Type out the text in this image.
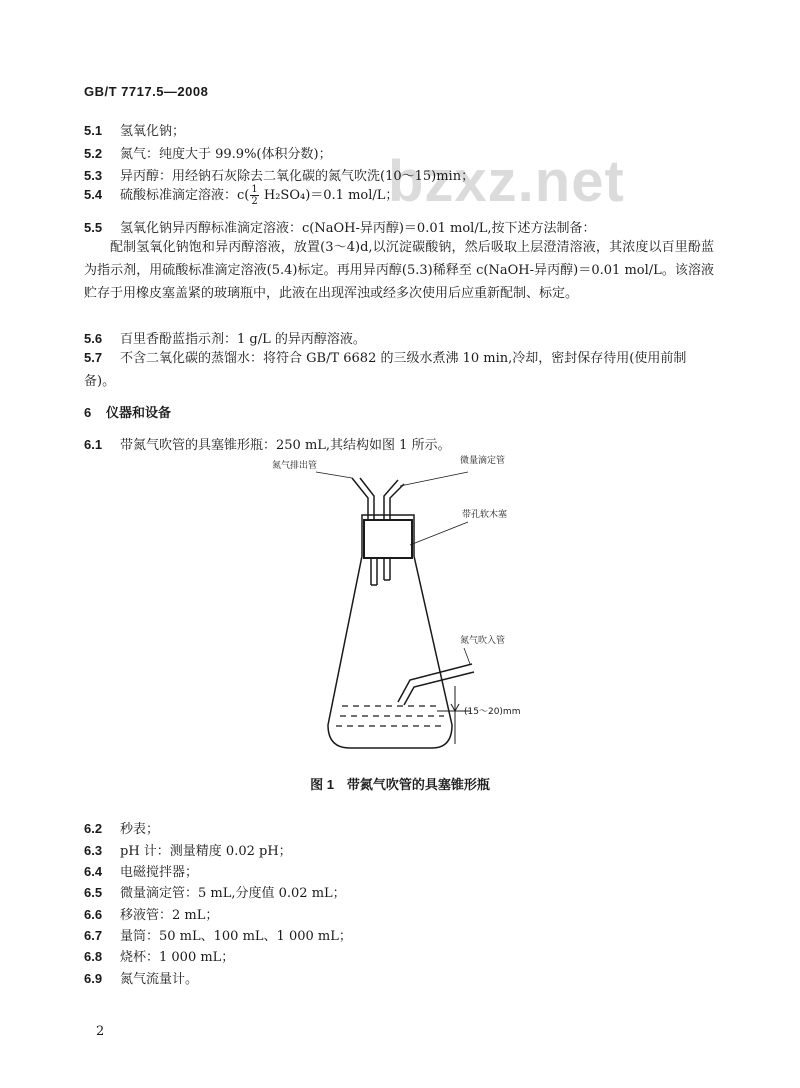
bzxz.net
GB/T 7717.5—2008
5.1 氢氧化钠；
5.2 氮气：纯度大于 99.9%(体积分数)；
5.3 异丙醇：用经钠石灰除去二氧化碳的氮气吹洗(10～15)min；
5.4 硫酸标准滴定溶液：$c( \frac{1}{2} H_2SO_4)=0.1$ mol/L；
5.5 氢氧化钠异丙醇标准滴定溶液：c(NaOH-异丙醇)＝0.01 mol/L,按下述方法制备：
配制氢氧化钠饱和异丙醇溶液，放置(3～4)d,以沉淀碳酸钠，然后吸取上层澄清溶液，其浓度以百里酚蓝为指示剂，用硫酸标准滴定溶液(5.4)标定。再用异丙醇(5.3)稀释至 c(NaOH-异丙醇)＝0.01 mol/L。该溶液贮存于用橡皮塞盖紧的玻璃瓶中，此液在出现浑浊或经多次使用后应重新配制、标定。
5.6 百里香酚蓝指示剂：1 g/L 的异丙醇溶液。
5.7 不含二氧化碳的蒸馏水：将符合 GB/T 6682 的三级水煮沸 10 min,冷却，密封保存待用(使用前制备)。
6 仪器和设备
6.1 带氮气吹管的具塞锥形瓶：250 mL,其结构如图 1 所示。
氮气排出管	微量滴定管
带孔软木塞
氮气吹入管
(15～20)mm
图 1　带氮气吹管的具塞锥形瓶
6.2 秒表；
6.3 pH 计：测量精度 0.02 pH；
6.4 电磁搅拌器；
6.5 微量滴定管：5 mL,分度值 0.02 mL；
6.6 移液管：2 mL；
6.7 量筒：50 mL、100 mL、1 000 mL；
6.8 烧杯：1 000 mL；
6.9 氮气流量计。
2
